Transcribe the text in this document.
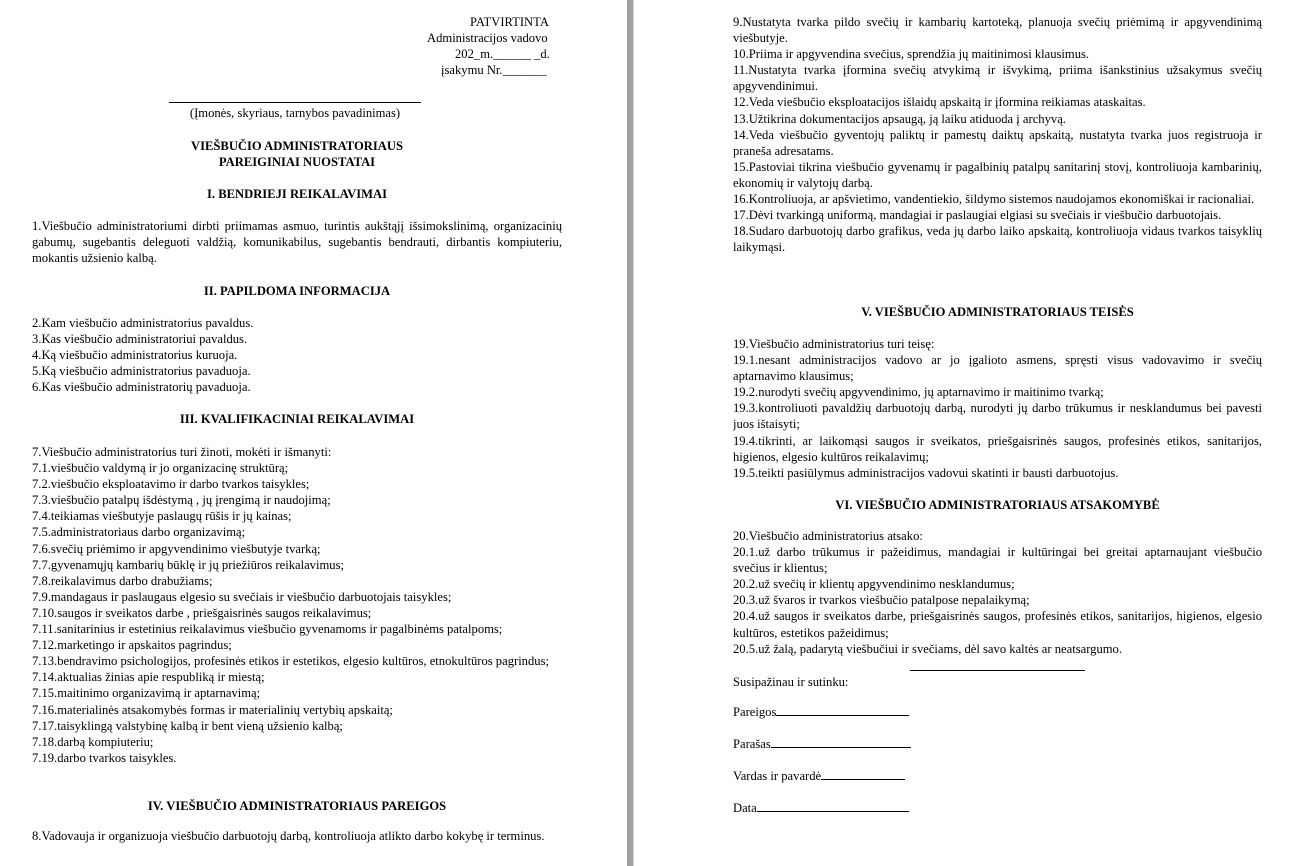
PATVIRTINTA

Administracijos vadovo

202_m.______ _d.

įsakymu Nr._______

(Įmonės, skyriaus, tarnybos pavadinimas)

VIEŠBUČIO ADMINISTRATORIAUS

PAREIGINIAI NUOSTATAI

I. BENDRIEJI REIKALAVIMAI

1.Viešbučio administratoriumi dirbti priimamas asmuo, turintis aukštąjį išsimokslinimą, organizacinių gabumų, sugebantis deleguoti valdžią, komunikabilus, sugebantis bendrauti, dirbantis kompiuteriu, mokantis užsienio kalbą.

II. PAPILDOMA INFORMACIJA

2.Kam viešbučio administratorius pavaldus.

3.Kas viešbučio administratoriui pavaldus.

4.Ką viešbučio administratorius kuruoja.

5.Ką viešbučio administratorius pavaduoja.

6.Kas viešbučio administratorių pavaduoja.

III. KVALIFIKACINIAI REIKALAVIMAI

7.Viešbučio administratorius turi žinoti, mokėti ir išmanyti:

7.1.viešbučio valdymą ir jo organizacinę struktūrą;

7.2.viešbučio eksploatavimo ir darbo tvarkos taisykles;

7.3.viešbučio patalpų išdėstymą , jų įrengimą ir naudojimą;

7.4.teikiamas viešbutyje paslaugų rūšis ir jų kainas;

7.5.administratoriaus darbo organizavimą;

7.6.svečių priėmimo ir apgyvendinimo viešbutyje tvarką;

7.7.gyvenamųjų kambarių būklę ir jų priežiūros reikalavimus;

7.8.reikalavimus darbo drabužiams;

7.9.mandagaus ir paslaugaus elgesio su svečiais ir viešbučio darbuotojais taisykles;

7.10.saugos ir sveikatos darbe , priešgaisrinės saugos reikalavimus;

7.11.sanitarinius ir estetinius reikalavimus viešbučio gyvenamoms ir pagalbinėms patalpoms;

7.12.marketingo ir apskaitos pagrindus;

7.13.bendravimo psichologijos, profesinės etikos ir estetikos, elgesio kultūros, etnokultūros pagrindus;

7.14.aktualias žinias apie respubliką ir miestą;

7.15.maitinimo organizavimą ir aptarnavimą;

7.16.materialinės atsakomybės formas ir materialinių vertybių apskaitą;

7.17.taisyklingą valstybinę kalbą ir bent vieną užsienio kalbą;

7.18.darbą kompiuteriu;

7.19.darbo tvarkos taisykles.

IV. VIEŠBUČIO ADMINISTRATORIAUS PAREIGOS

8.Vadovauja ir organizuoja viešbučio darbuotojų darbą, kontroliuoja atlikto darbo kokybę ir terminus.

9.Nustatyta tvarka pildo svečių ir kambarių kartoteką, planuoja svečių priėmimą ir apgyvendinimą viešbutyje.

10.Priima ir apgyvendina svečius, sprendžia jų maitinimosi klausimus.

11.Nustatyta tvarka įformina svečių atvykimą ir išvykimą, priima išankstinius užsakymus svečių apgyvendinimui.

12.Veda viešbučio eksploatacijos išlaidų apskaitą ir įformina reikiamas ataskaitas.

13.Užtikrina dokumentacijos apsaugą, ją laiku atiduoda į archyvą.

14.Veda viešbučio gyventojų paliktų ir pamestų daiktų apskaitą, nustatyta tvarka juos registruoja ir praneša adresatams.

15.Pastoviai tikrina viešbučio gyvenamų ir pagalbinių patalpų sanitarinį stovį, kontroliuoja kambarinių, ekonomių ir valytojų darbą.

16.Kontroliuoja, ar apšvietimo, vandentiekio, šildymo sistemos naudojamos ekonomiškai ir racionaliai.

17.Dėvi tvarkingą uniformą, mandagiai ir paslaugiai elgiasi su svečiais ir viešbučio darbuotojais.

18.Sudaro darbuotojų darbo grafikus, veda jų darbo laiko apskaitą, kontroliuoja vidaus tvarkos taisyklių laikymąsi.

V. VIEŠBUČIO ADMINISTRATORIAUS TEISĖS

19.Viešbučio administratorius turi teisę:

19.1.nesant administracijos vadovo ar jo įgalioto asmens, spręsti visus vadovavimo ir svečių aptarnavimo klausimus;

19.2.nurodyti svečių apgyvendinimo, jų aptarnavimo ir maitinimo tvarką;

19.3.kontroliuoti pavaldžių darbuotojų darbą, nurodyti jų darbo trūkumus ir nesklandumus bei pavesti juos ištaisyti;

19.4.tikrinti, ar laikomąsi saugos ir sveikatos, priešgaisrinės saugos, profesinės etikos, sanitarijos, higienos, elgesio kultūros reikalavimų;

19.5.teikti pasiūlymus administracijos vadovui skatinti ir bausti darbuotojus.

VI. VIEŠBUČIO ADMINISTRATORIAUS ATSAKOMYBĖ

20.Viešbučio administratorius atsako:

20.1.už darbo trūkumus ir pažeidimus, mandagiai ir kultūringai bei greitai aptarnaujant viešbučio svečius ir klientus;

20.2.už svečių ir klientų apgyvendinimo nesklandumus;

20.3.už švaros ir tvarkos viešbučio patalpose nepalaikymą;

20.4.už saugos ir sveikatos darbe, priešgaisrinės saugos, profesinės etikos, sanitarijos, higienos, elgesio kultūros, estetikos pažeidimus;

20.5.už žalą, padarytą viešbučiui ir svečiams, dėl savo kaltės ar neatsargumo.

Susipažinau ir sutinku:

Pareigos

Parašas

Vardas ir pavardė

Data
